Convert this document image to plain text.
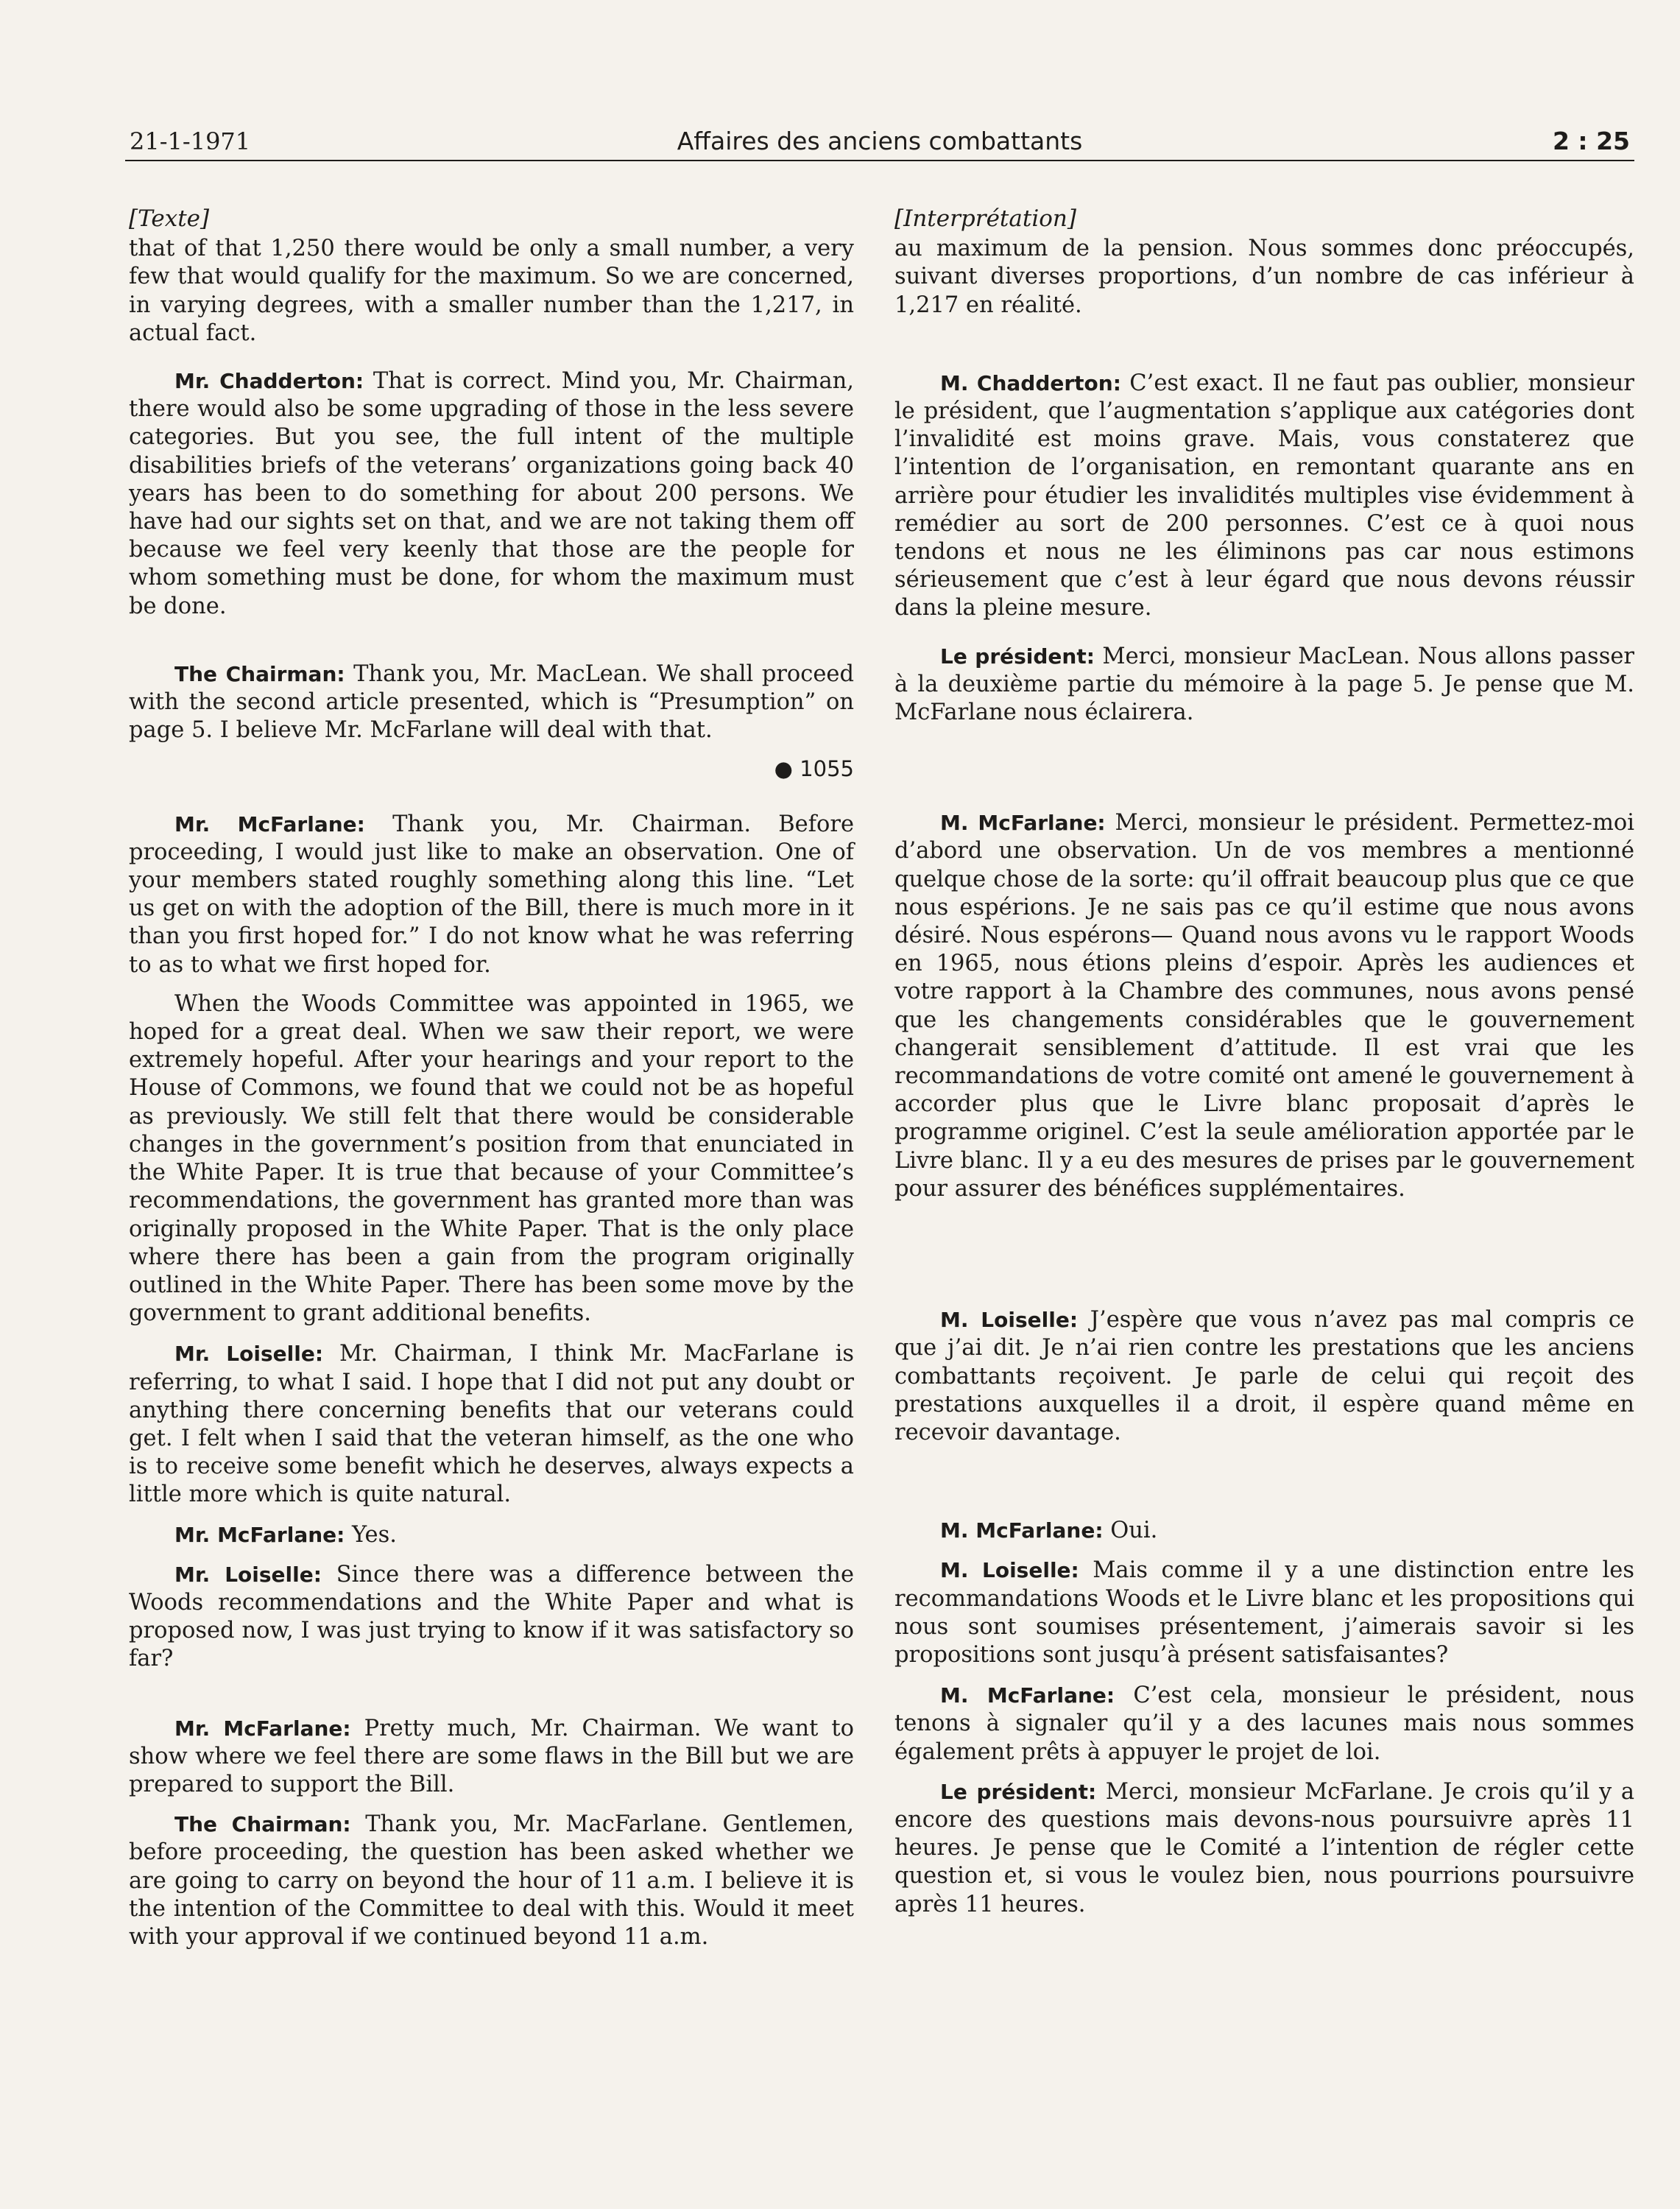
21-1-1971	Affaires des anciens combattants	2 : 25
[Texte]

that of that 1,250 there would be only a small number, a very few that would qualify for the maximum. So we are concerned, in varying degrees, with a smaller number than the 1,217, in actual fact.

Mr. Chadderton: That is correct. Mind you, Mr. Chairman, there would also be some upgrading of those in the less severe categories. But you see, the full intent of the multiple disabilities briefs of the veterans’ organizations going back 40 years has been to do something for about 200 persons. We have had our sights set on that, and we are not taking them off because we feel very keenly that those are the people for whom something must be done, for whom the maximum must be done.

The Chairman: Thank you, Mr. MacLean. We shall proceed with the second article presented, which is “Presumption” on page 5. I believe Mr. McFarlane will deal with that.

● 1055

Mr. McFarlane: Thank you, Mr. Chairman. Before proceeding, I would just like to make an observation. One of your members stated roughly something along this line. “Let us get on with the adoption of the Bill, there is much more in it than you first hoped for.” I do not know what he was referring to as to what we first hoped for.

When the Woods Committee was appointed in 1965, we hoped for a great deal. When we saw their report, we were extremely hopeful. After your hearings and your report to the House of Commons, we found that we could not be as hopeful as previously. We still felt that there would be considerable changes in the government’s position from that enunciated in the White Paper. It is true that because of your Committee’s recommendations, the government has granted more than was originally proposed in the White Paper. That is the only place where there has been a gain from the program originally outlined in the White Paper. There has been some move by the government to grant additional benefits.

Mr. Loiselle: Mr. Chairman, I think Mr. MacFarlane is referring, to what I said. I hope that I did not put any doubt or anything there concerning benefits that our veterans could get. I felt when I said that the veteran himself, as the one who is to receive some benefit which he deserves, always expects a little more which is quite natural.

Mr. McFarlane: Yes.

Mr. Loiselle: Since there was a difference between the Woods recommendations and the White Paper and what is proposed now, I was just trying to know if it was satisfactory so far?

Mr. McFarlane: Pretty much, Mr. Chairman. We want to show where we feel there are some flaws in the Bill but we are prepared to support the Bill.

The Chairman: Thank you, Mr. MacFarlane. Gentlemen, before proceeding, the question has been asked whether we are going to carry on beyond the hour of 11 a.m. I believe it is the intention of the Committee to deal with this. Would it meet with your approval if we continued beyond 11 a.m.

[Interprétation]

au maximum de la pension. Nous sommes donc préoccupés, suivant diverses proportions, d’un nombre de cas inférieur à 1,217 en réalité.

M. Chadderton: C’est exact. Il ne faut pas oublier, monsieur le président, que l’augmentation s’applique aux catégories dont l’invalidité est moins grave. Mais, vous constaterez que l’intention de l’organisation, en remontant quarante ans en arrière pour étudier les invalidités multiples vise évidemment à remédier au sort de 200 personnes. C’est ce à quoi nous tendons et nous ne les éliminons pas car nous estimons sérieusement que c’est à leur égard que nous devons réussir dans la pleine mesure.

Le président: Merci, monsieur MacLean. Nous allons passer à la deuxième partie du mémoire à la page 5. Je pense que M. McFarlane nous éclairera.

M. McFarlane: Merci, monsieur le président. Permettez-moi d’abord une observation. Un de vos membres a mentionné quelque chose de la sorte: qu’il offrait beaucoup plus que ce que nous espérions. Je ne sais pas ce qu’il estime que nous avons désiré. Nous espérons— Quand nous avons vu le rapport Woods en 1965, nous étions pleins d’espoir. Après les audiences et votre rapport à la Chambre des communes, nous avons pensé que les changements considérables que le gouvernement changerait sensiblement d’attitude. Il est vrai que les recommandations de votre comité ont amené le gouvernement à accorder plus que le Livre blanc proposait d’après le programme originel. C’est la seule amélioration apportée par le Livre blanc. Il y a eu des mesures de prises par le gouvernement pour assurer des bénéfices supplémentaires.

M. Loiselle: J’espère que vous n’avez pas mal compris ce que j’ai dit. Je n’ai rien contre les prestations que les anciens combattants reçoivent. Je parle de celui qui reçoit des prestations auxquelles il a droit, il espère quand même en recevoir davantage.

M. McFarlane: Oui.

M. Loiselle: Mais comme il y a une distinction entre les recommandations Woods et le Livre blanc et les propositions qui nous sont soumises présentement, j’aimerais savoir si les propositions sont jusqu’à présent satisfaisantes?

M. McFarlane: C’est cela, monsieur le président, nous tenons à signaler qu’il y a des lacunes mais nous sommes également prêts à appuyer le projet de loi.

Le président: Merci, monsieur McFarlane. Je crois qu’il y a encore des questions mais devons-nous poursuivre après 11 heures. Je pense que le Comité a l’intention de régler cette question et, si vous le voulez bien, nous pourrions poursuivre après 11 heures.
